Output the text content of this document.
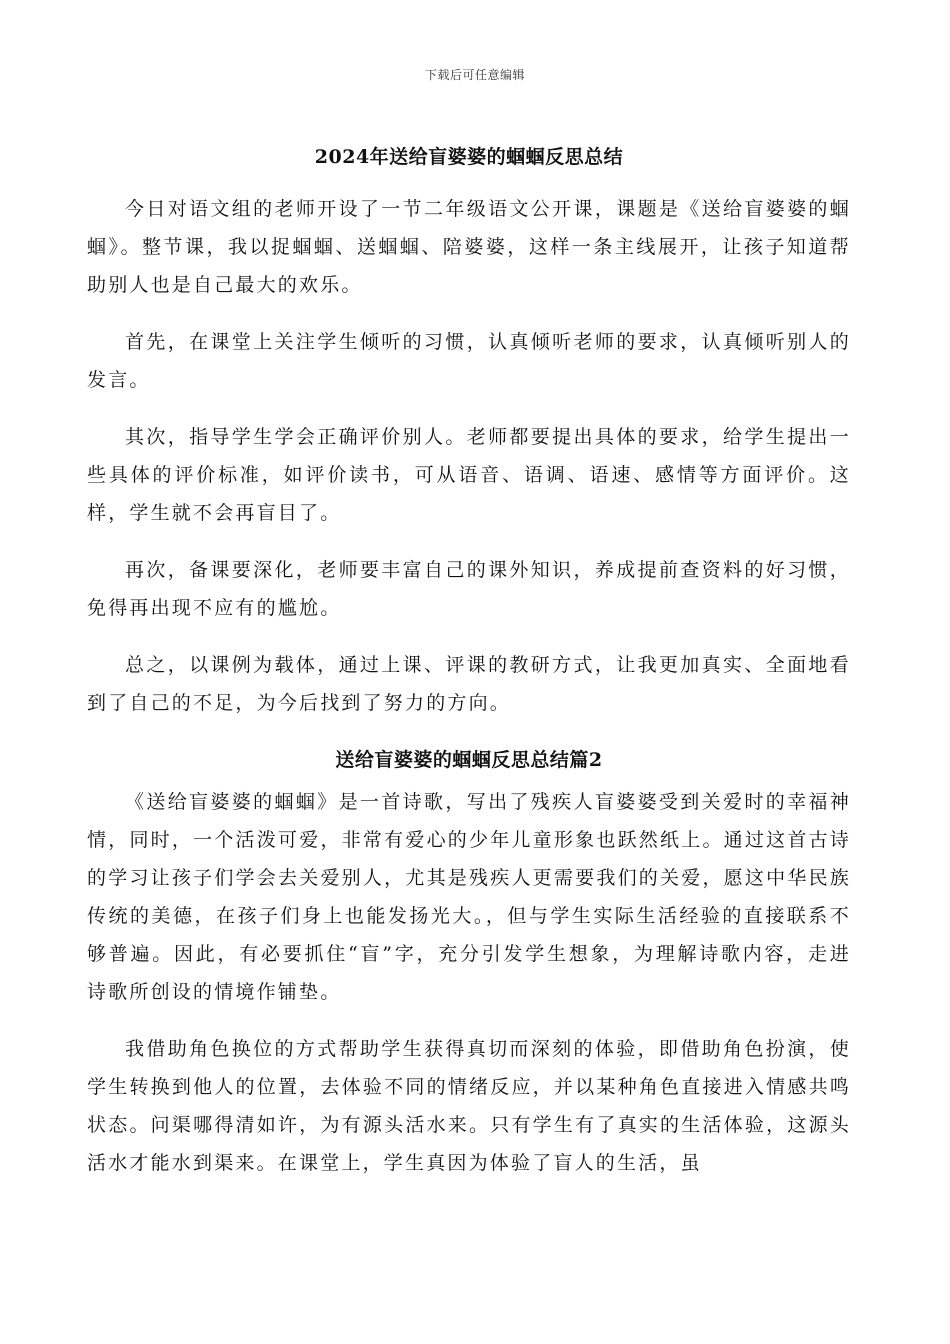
下载后可任意编辑
2024年送给盲婆婆的蝈蝈反思总结

今日对语文组的老师开设了一节二年级语文公开课，课题是《送给盲婆婆的蝈蝈》。整节课，我以捉蝈蝈、送蝈蝈、陪婆婆，这样一条主线展开，让孩子知道帮助别人也是自己最大的欢乐。

首先，在课堂上关注学生倾听的习惯，认真倾听老师的要求，认真倾听别人的发言。

其次，指导学生学会正确评价别人。老师都要提出具体的要求，给学生提出一些具体的评价标准，如评价读书，可从语音、语调、语速、感情等方面评价。这样，学生就不会再盲目了。

再次，备课要深化，老师要丰富自己的课外知识，养成提前查资料的好习惯，免得再出现不应有的尴尬。

总之，以课例为载体，通过上课、评课的教研方式，让我更加真实、全面地看到了自己的不足，为今后找到了努力的方向。

送给盲婆婆的蝈蝈反思总结篇2

《送给盲婆婆的蝈蝈》是一首诗歌，写出了残疾人盲婆婆受到关爱时的幸福神情，同时，一个活泼可爱，非常有爱心的少年儿童形象也跃然纸上。通过这首古诗的学习让孩子们学会去关爱别人，尤其是残疾人更需要我们的关爱，愿这中华民族传统的美德，在孩子们身上也能发扬光大。，但与学生实际生活经验的直接联系不够普遍。因此，有必要抓住“盲”字，充分引发学生想象，为理解诗歌内容，走进诗歌所创设的情境作铺垫。

我借助角色换位的方式帮助学生获得真切而深刻的体验，即借助角色扮演，使学生转换到他人的位置，去体验不同的情绪反应，并以某种角色直接进入情感共鸣状态。问渠哪得清如许，为有源头活水来。只有学生有了真实的生活体验，这源头活水才能水到渠来。在课堂上，学生真因为体验了盲人的生活，虽
